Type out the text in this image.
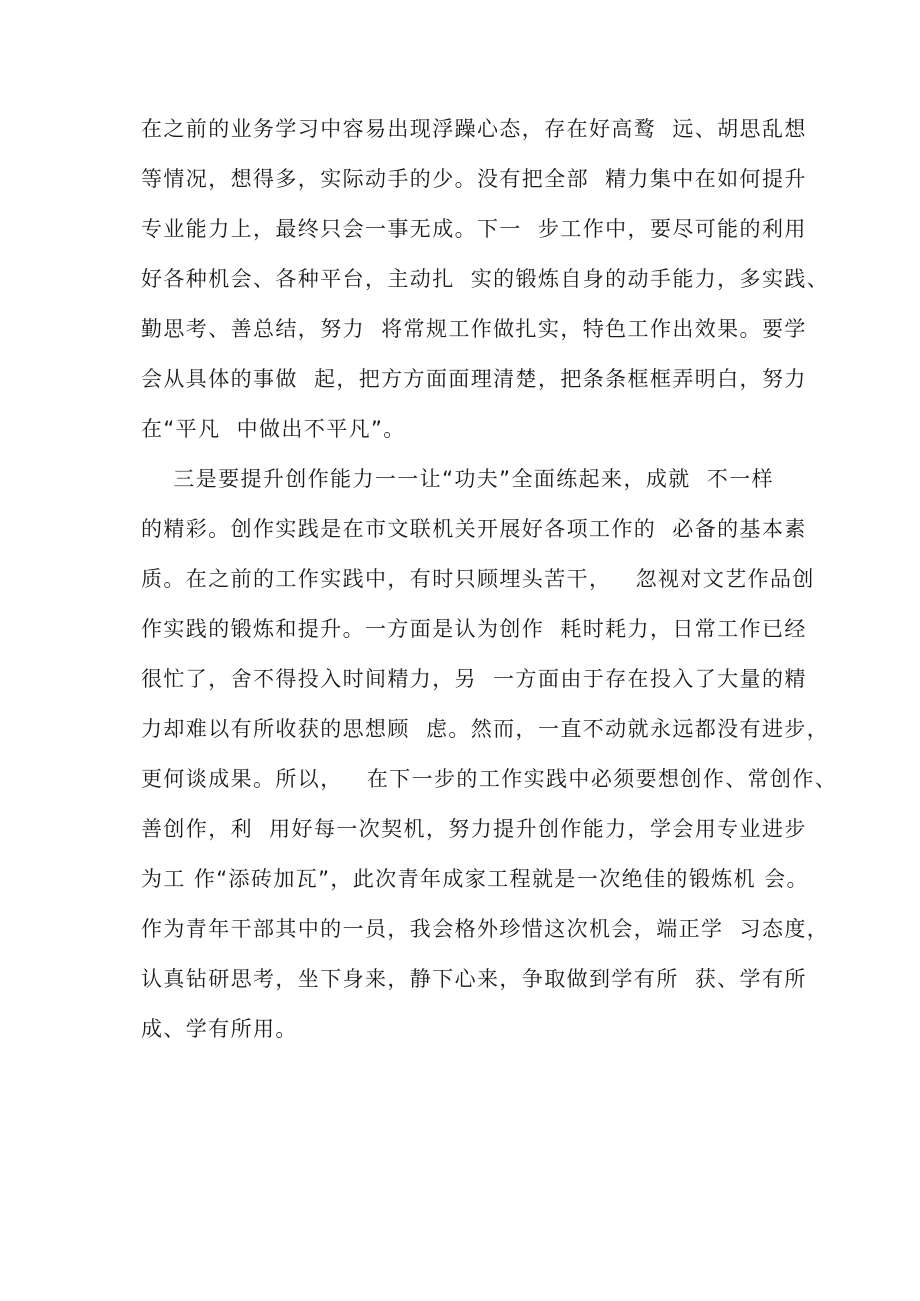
在之前的业务学习中容易出现浮躁心态，存在好高鹜  远、胡思乱想
等情况，想得多，实际动手的少。没有把全部  精力集中在如何提升
专业能力上，最终只会一事无成。下一  步工作中，要尽可能的利用
好各种机会、各种平台，主动扎  实的锻炼自身的动手能力，多实践、
勤思考、善总结，努力  将常规工作做扎实，特色工作出效果。要学
会从具体的事做  起，把方方面面理清楚，把条条框框弄明白，努力
在“平凡  中做出不平凡”。
三是要提升创作能力一一让“功夫”全面练起来，成就  不一样
的精彩。创作实践是在市文联机关开展好各项工作的  必备的基本素
质。在之前的工作实践中，有时只顾埋头苦干，   忽视对文艺作品创
作实践的锻炼和提升。一方面是认为创作  耗时耗力，日常工作已经
很忙了，舍不得投入时间精力，另  一方面由于存在投入了大量的精
力却难以有所收获的思想顾  虑。然而，一直不动就永远都没有进步，
更何谈成果。所以，   在下一步的工作实践中必须要想创作、常创作、
善创作，利  用好每一次契机，努力提升创作能力，学会用专业进步
为工 作“添砖加瓦”，此次青年成家工程就是一次绝佳的锻炼机 会。
作为青年干部其中的一员，我会格外珍惜这次机会，端正学  习态度，
认真钻研思考，坐下身来，静下心来，争取做到学有所  获、学有所
成、学有所用。
